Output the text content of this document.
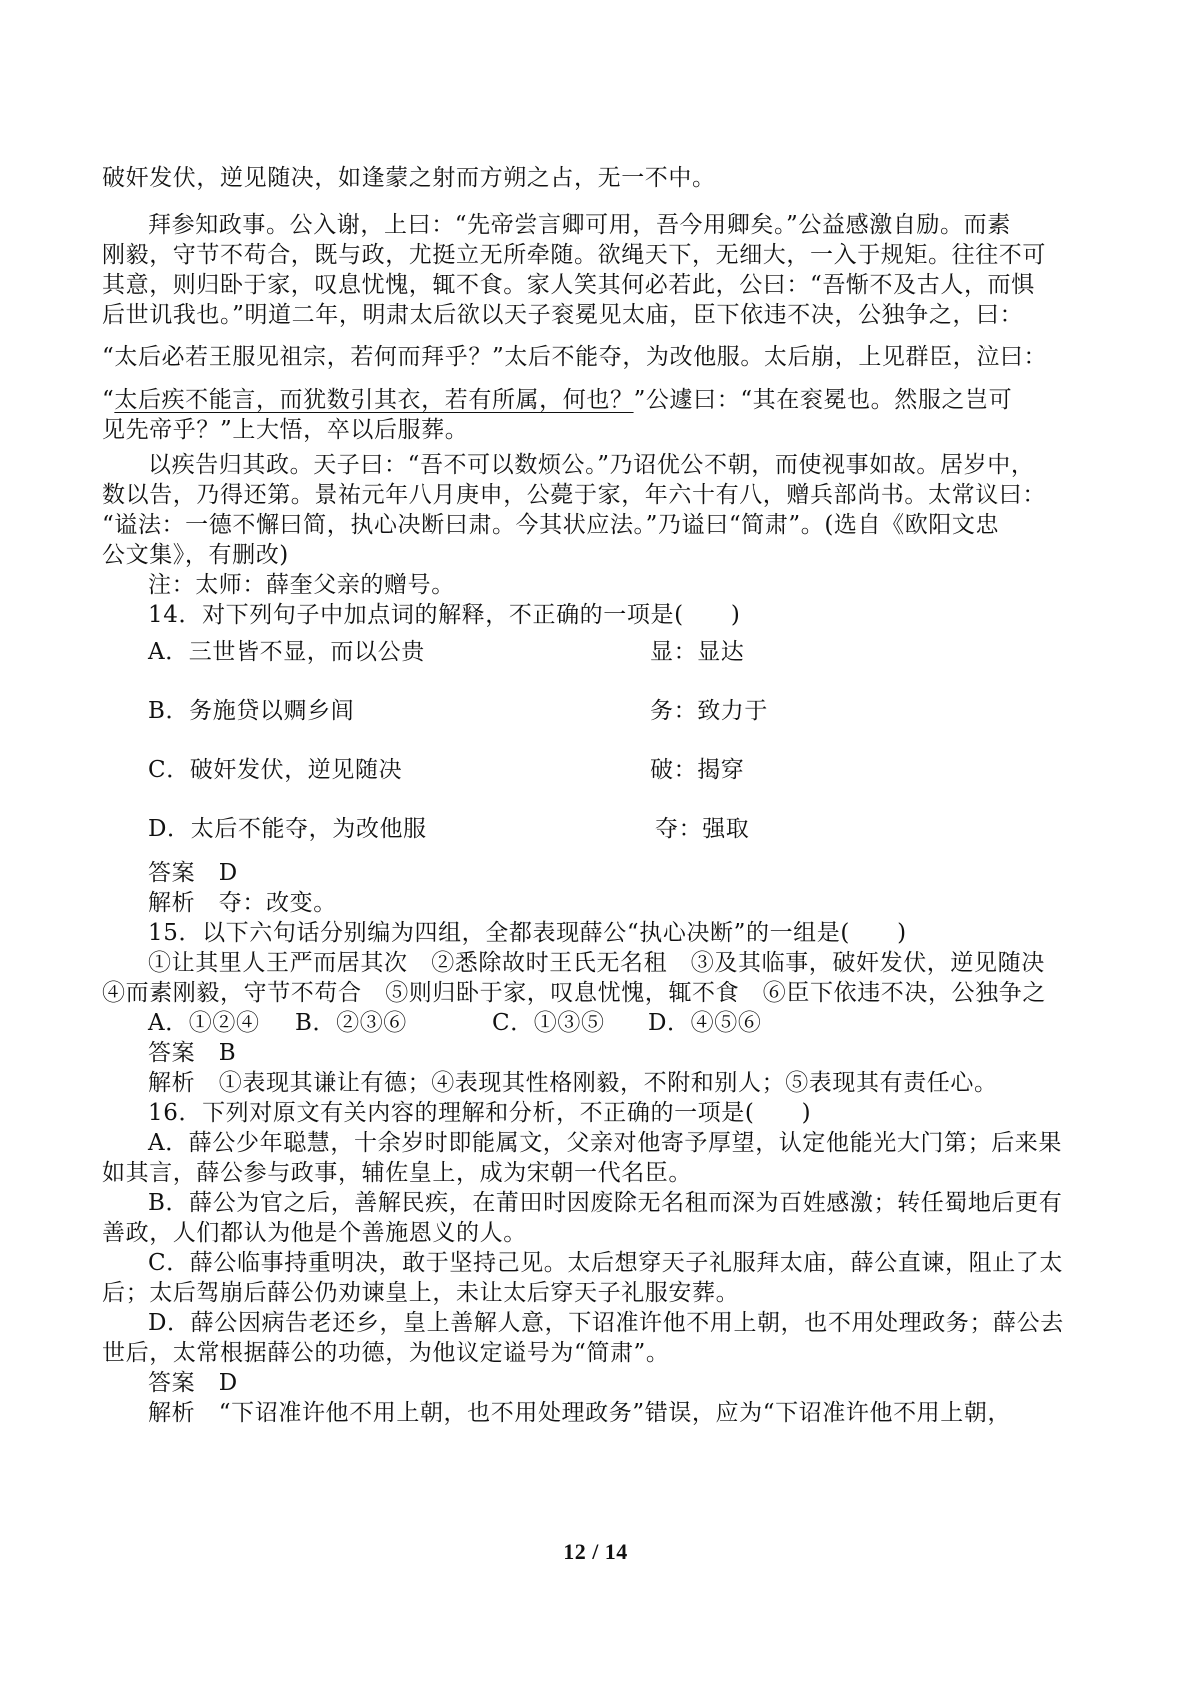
破奸发伏，逆见随决，如逢蒙之射而方朔之占，无一不中。
拜参知政事。公入谢，上曰：“先帝尝言卿可用，吾今用卿矣。”公益感激自励。而素
刚毅，守节不苟合，既与政，尤挺立无所牵随。欲绳天下，无细大，一入于规矩。往往不可
其意，则归卧于家，叹息忧愧，辄不食。家人笑其何必若此，公曰：“吾惭不及古人，而惧
后世讥我也。”明道二年，明肃太后欲以天子衮冕见太庙，臣下依违不决，公独争之，曰：
“太后必若王服见祖宗，若何而拜乎？”太后不能夺，为改他服。太后崩，上见群臣，泣曰：
“太后疾不能言，而犹数引其衣，若有所属，何也？”公遽曰：“其在衮冕也。然服之岂可
见先帝乎？”上大悟，卒以后服葬。
以疾告归其政。天子曰：“吾不可以数烦公。”乃诏优公不朝，而使视事如故。居岁中，
数以告，乃得还第。景祐元年八月庚申，公薨于家，年六十有八，赠兵部尚书。太常议曰：
“谥法：一德不懈曰简，执心决断曰肃。今其状应法。”乃谥曰“简肃”。(选自《欧阳文忠
公文集》，有删改)
注：太师：薛奎父亲的赠号。
14．对下列句子中加点词的解释，不正确的一项是(　　)
A．三世皆不显，而以公贵	显：显达
B．务施贷以赒乡闾	务：致力于
C．破奸发伏，逆见随决	破：揭穿
D．太后不能夺，为改他服	夺：强取
答案　D
解析　夺：改变。
15．以下六句话分别编为四组，全都表现薛公“执心决断”的一组是(　　)
①让其里人王严而居其次　②悉除故时王氏无名租　③及其临事，破奸发伏，逆见随决
④而素刚毅，守节不苟合　⑤则归卧于家，叹息忧愧，辄不食　⑥臣下依违不决，公独争之
A．①②④ B．②③⑥	C．①③⑤ D．④⑤⑥
答案　B
解析　①表现其谦让有德；④表现其性格刚毅，不附和别人；⑤表现其有责任心。
16．下列对原文有关内容的理解和分析，不正确的一项是(　　)
A．薛公少年聪慧，十余岁时即能属文，父亲对他寄予厚望，认定他能光大门第；后来果
如其言，薛公参与政事，辅佐皇上，成为宋朝一代名臣。
B．薛公为官之后，善解民疾，在莆田时因废除无名租而深为百姓感激；转任蜀地后更有
善政，人们都认为他是个善施恩义的人。
C．薛公临事持重明决，敢于坚持己见。太后想穿天子礼服拜太庙，薛公直谏，阻止了太
后；太后驾崩后薛公仍劝谏皇上，未让太后穿天子礼服安葬。
D．薛公因病告老还乡，皇上善解人意，下诏准许他不用上朝，也不用处理政务；薛公去
世后，太常根据薛公的功德，为他议定谥号为“简肃”。
答案　D
解析　“下诏准许他不用上朝，也不用处理政务”错误，应为“下诏准许他不用上朝，
12 / 14
